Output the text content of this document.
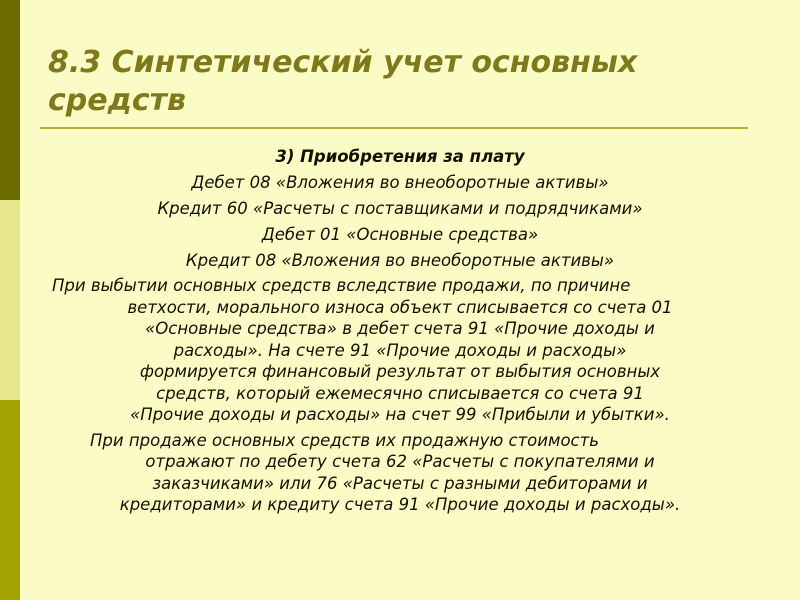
8.3 Синтетический учет основных средств

3) Приобретения за плату

Дебет 08 «Вложения во внеоборотные активы»

Кредит 60 «Расчеты с поставщиками и подрядчиками»

Дебет 01 «Основные средства»

Кредит 08 «Вложения во внеоборотные активы»

При выбытии основных средств вследствие продажи, по причине
ветхости, морального износа объект списывается со счета 01
«Основные средства» в дебет счета 91 «Прочие доходы и
расходы». На счете 91 «Прочие доходы и расходы»
формируется финансовый результат от выбытия основных
средств, который ежемесячно списывается со счета 91
«Прочие доходы и расходы» на счет 99 «Прибыли и убытки».
При продаже основных средств их продажную стоимость
отражают по дебету счета 62 «Расчеты с покупателями и
заказчиками» или 76 «Расчеты с разными дебиторами и
кредиторами» и кредиту счета 91 «Прочие доходы и расходы».
